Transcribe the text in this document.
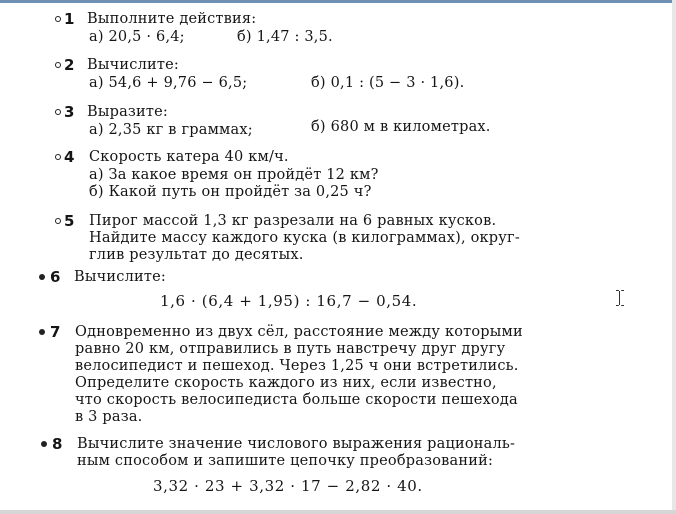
1 Выполните действия:
а) 20,5 · 6,4;	б) 1,47 : 3,5.
2 Вычислите:
а) 54,6 + 9,76 − 6,5;	б) 0,1 : (5 − 3 · 1,6).
3 Выразите:
а) 2,35 кг в граммах;	б) 680 м в километрах.
4 Скорость катера 40 км/ч.
а) За какое время он пройдёт 12 км?
б) Какой путь он пройдёт за 0,25 ч?
5 Пирог массой 1,3 кг разрезали на 6 равных кусков.
Найдите массу каждого куска (в килограммах), округ-
глив результат до десятых.
6 Вычислите:
1,6 · (6,4 + 1,95) : 16,7 − 0,54.
7 Одновременно из двух сёл, расстояние между которыми
равно 20 км, отправились в путь навстречу друг другу
велосипедист и пешеход. Через 1,25 ч они встретились.
Определите скорость каждого из них, если известно,
что скорость велосипедиста больше скорости пешехода
в 3 раза.
8 Вычислите значение числового выражения рациональ-
ным способом и запишите цепочку преобразований:
3,32 · 23 + 3,32 · 17 − 2,82 · 40.
